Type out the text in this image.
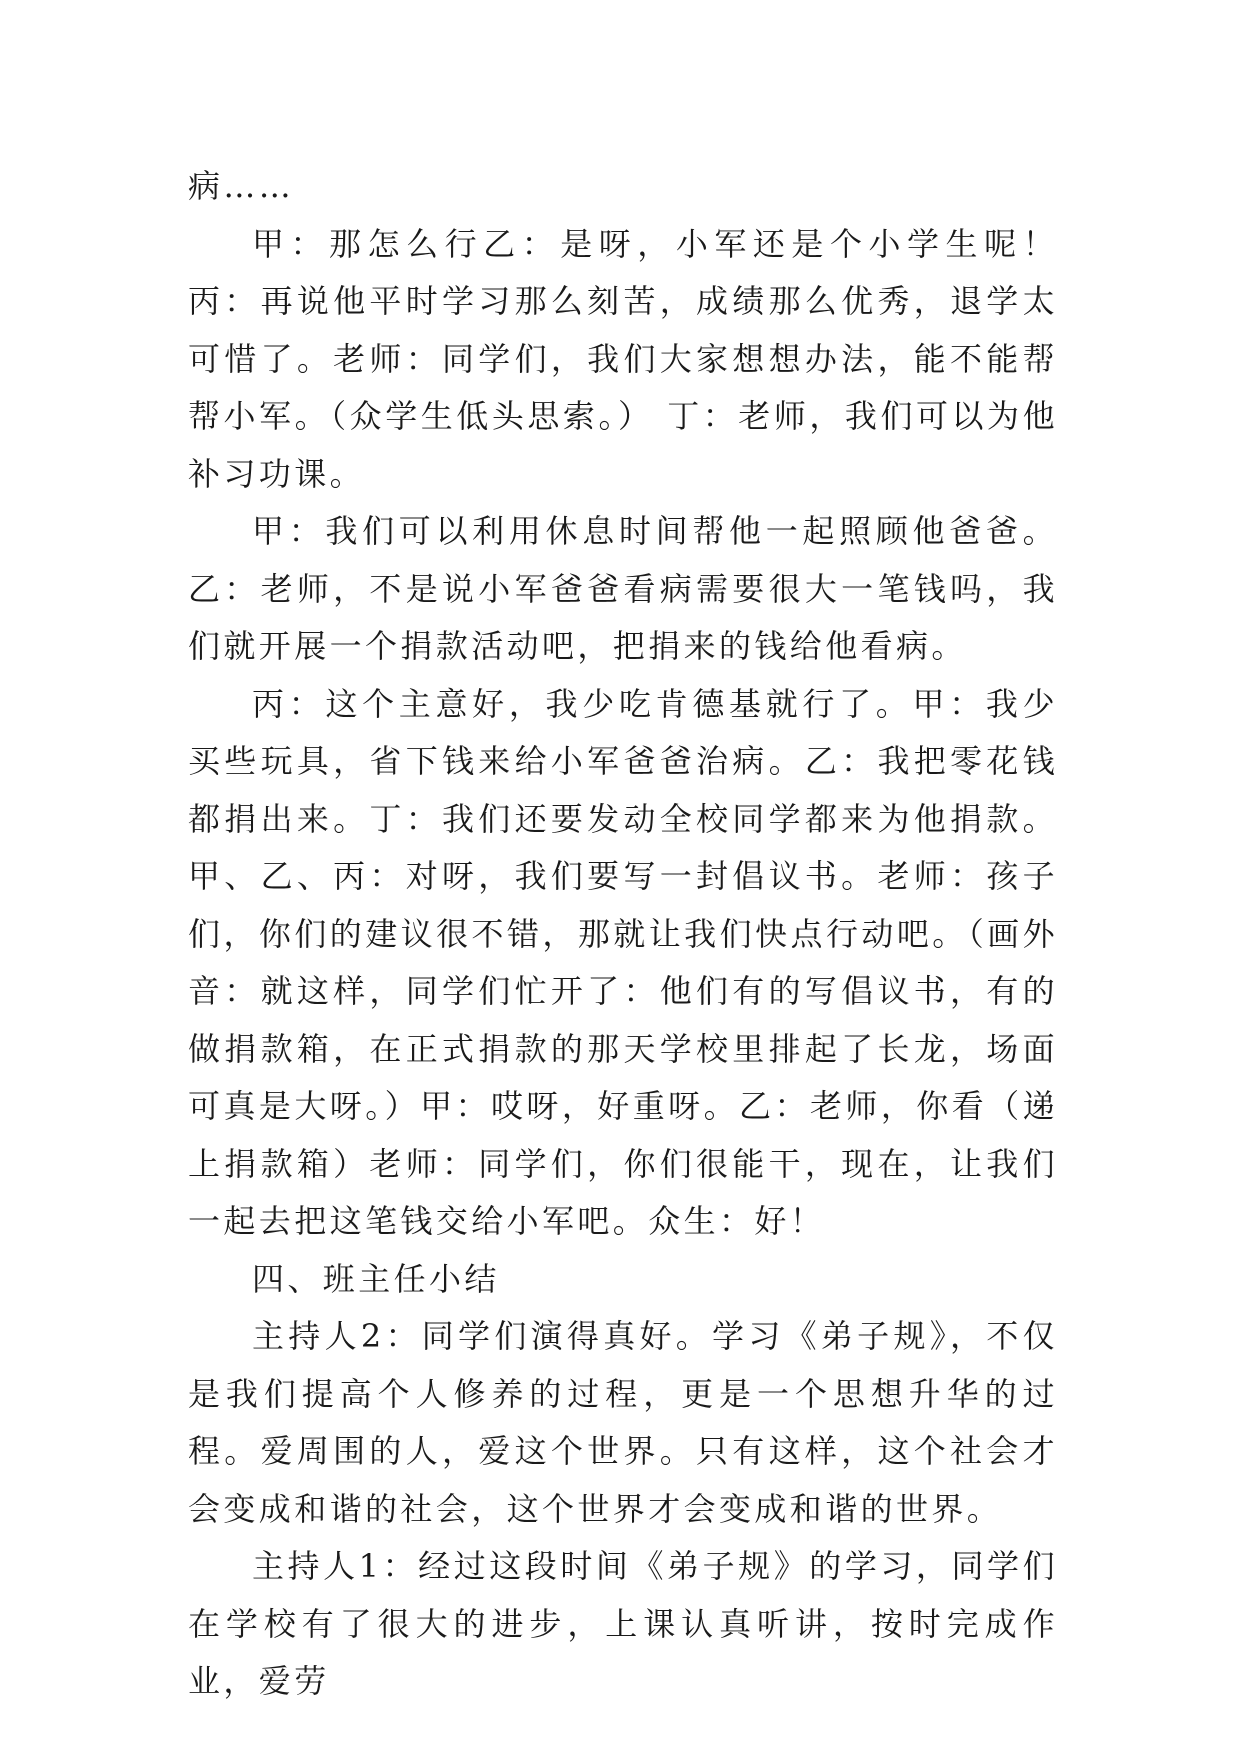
病……

甲：那怎么行乙：是呀，小军还是个小学生呢！丙：再说他平时学习那么刻苦，成绩那么优秀，退学太可惜了。老师：同学们，我们大家想想办法，能不能帮帮小军。（众学生低头思索。） 丁：老师，我们可以为他补习功课。

甲：我们可以利用休息时间帮他一起照顾他爸爸。乙：老师，不是说小军爸爸看病需要很大一笔钱吗，我们就开展一个捐款活动吧，把捐来的钱给他看病。

丙：这个主意好，我少吃肯德基就行了。甲：我少买些玩具，省下钱来给小军爸爸治病。乙：我把零花钱都捐出来。丁：我们还要发动全校同学都来为他捐款。甲、乙、丙：对呀，我们要写一封倡议书。老师：孩子们，你们的建议很不错，那就让我们快点行动吧。（画外音：就这样，同学们忙开了：他们有的写倡议书，有的做捐款箱，在正式捐款的那天学校里排起了长龙，场面可真是大呀。）甲：哎呀，好重呀。乙：老师，你看（递上捐款箱）老师：同学们，你们很能干，现在，让我们一起去把这笔钱交给小军吧。众生：好！

四、班主任小结

主持人2：同学们演得真好。学习《弟子规》，不仅是我们提高个人修养的过程，更是一个思想升华的过程。爱周围的人，爱这个世界。只有这样，这个社会才会变成和谐的社会，这个世界才会变成和谐的世界。

主持人1：经过这段时间《弟子规》的学习，同学们在学校有了很大的进步，上课认真听讲，按时完成作业，爱劳
